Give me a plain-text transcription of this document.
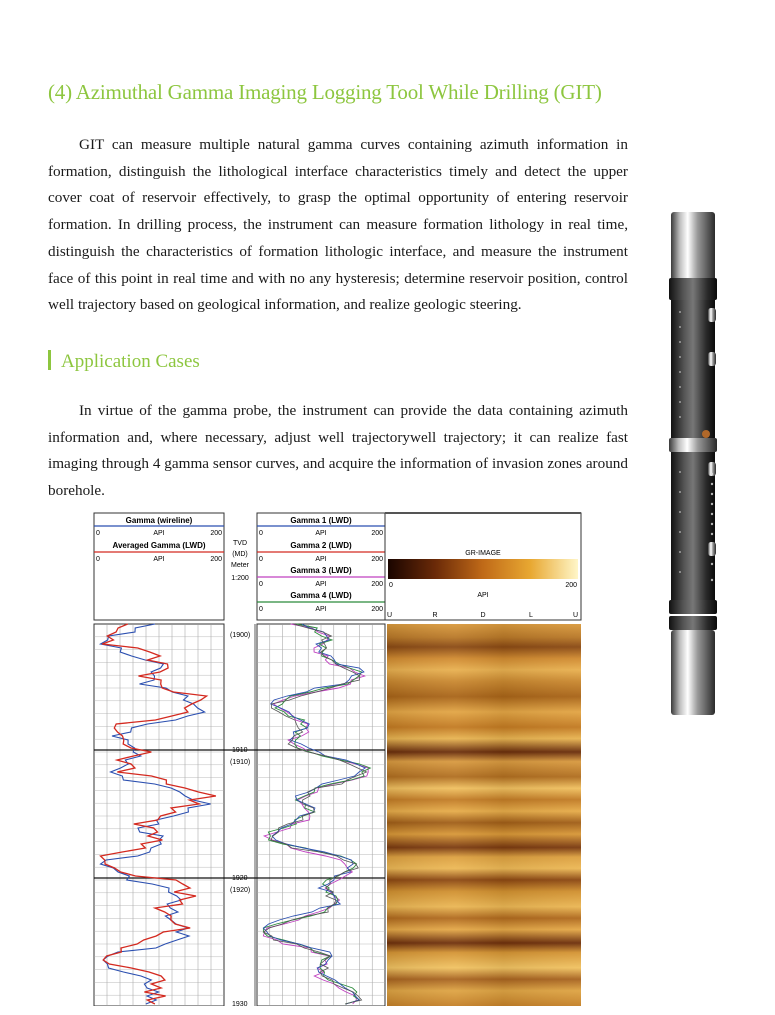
(4) Azimuthal Gamma Imaging Logging Tool While Drilling (GIT)

GIT can measure multiple natural gamma curves containing azimuth information in formation, distinguish the lithological interface characteristics timely and detect the upper cover coat of reservoir effectively, to grasp the optimal opportunity of entering reservoir formation. In drilling process, the instrument can measure formation lithology in real time, distinguish the characteristics of formation lithologic interface, and measure the instrument face of this point in real time and with no any hysteresis; determine reservoir position, control well trajectory based on geological information, and realize geologic steering.

Application Cases

In virtue of the gamma probe, the instrument can provide the data containing azimuth information and, where necessary, adjust well trajectorywell trajectory; it can realize fast imaging through 4 gamma sensor curves, and acquire the information of invasion zones around borehole.

Gamma (wireline)
0	API	200
Averaged Gamma (LWD)
0	API	200
TVD
(MD)
Meter
1:200
Gamma 1 (LWD)
0	API	200
Gamma 2 (LWD)
0	API	200
Gamma 3 (LWD)
0	API	200
Gamma 4 (LWD)
0	API	200
GR-IMAGE
0	200
API
U	R	D	L	U
(1900)
1910
(1910)
1920
(1920)
1930
